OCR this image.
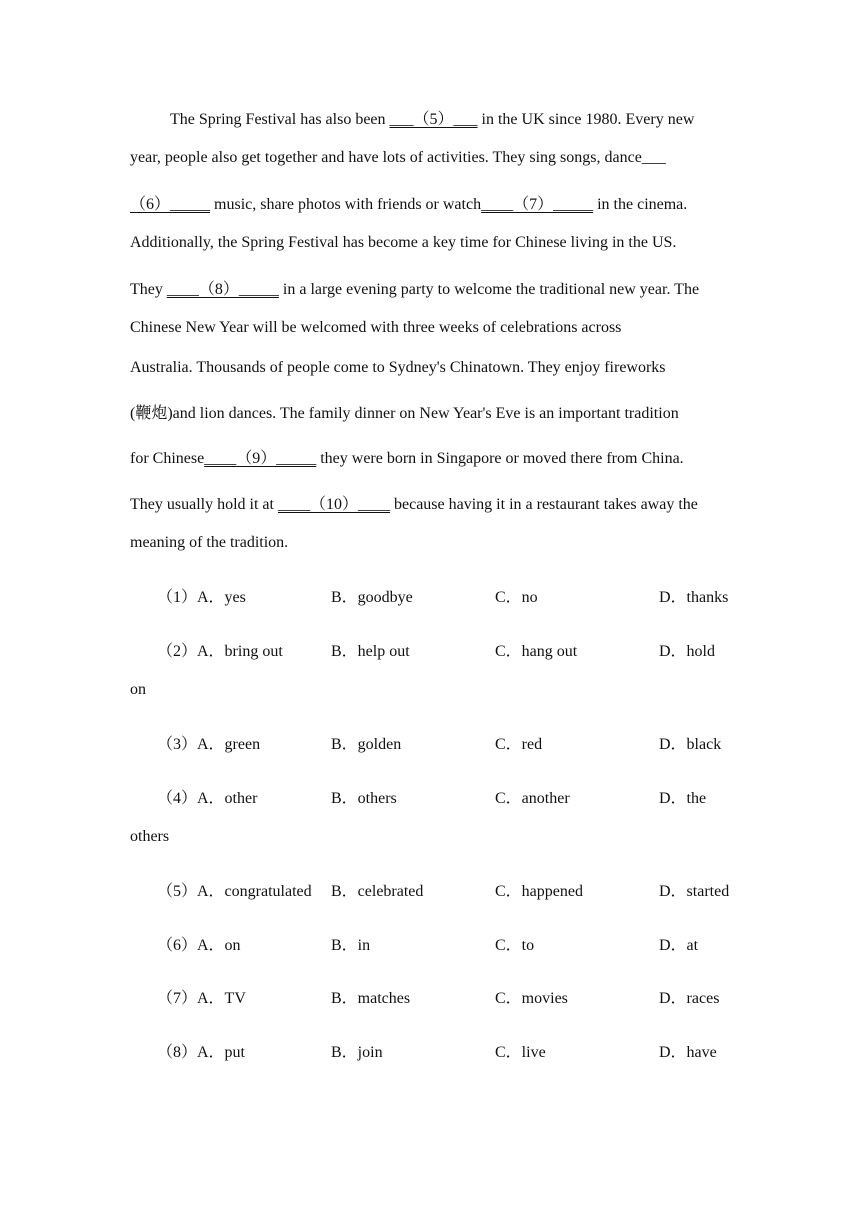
The Spring Festival has also been ___（5）___ in the UK since 1980. Every new
year, people also get together and have lots of activities. They sing songs, dance___
（6）_____ music, share photos with friends or watch____（7）_____ in the cinema.
Additionally, the Spring Festival has become a key time for Chinese living in the US.
They ____（8）_____ in a large evening party to welcome the traditional new year. The
Chinese New Year will be welcomed with three weeks of celebrations across
Australia. Thousands of people come to Sydney's Chinatown. They enjoy fireworks
(鞭炮)and lion dances. The family dinner on New Year's Eve is an important tradition
for Chinese____（9）_____ they were born in Singapore or moved there from China.
They usually hold it at ____（10）____ because having it in a restaurant takes away the
meaning of the tradition.
（1）A．yes	B．goodbye	C．no	D．thanks
（2）A．bring out	B．help out	C．hang out	D．hold
on
（3）A．green	B．golden	C．red	D．black
（4）A．other	B．others	C．another	D．the
others
（5）A．congratulated B．celebrated	C．happened	D．started
（6）A．on	B．in	C．to	D．at
（7）A．TV	B．matches	C．movies	D．races
（8）A．put	B．join	C．live	D．have
